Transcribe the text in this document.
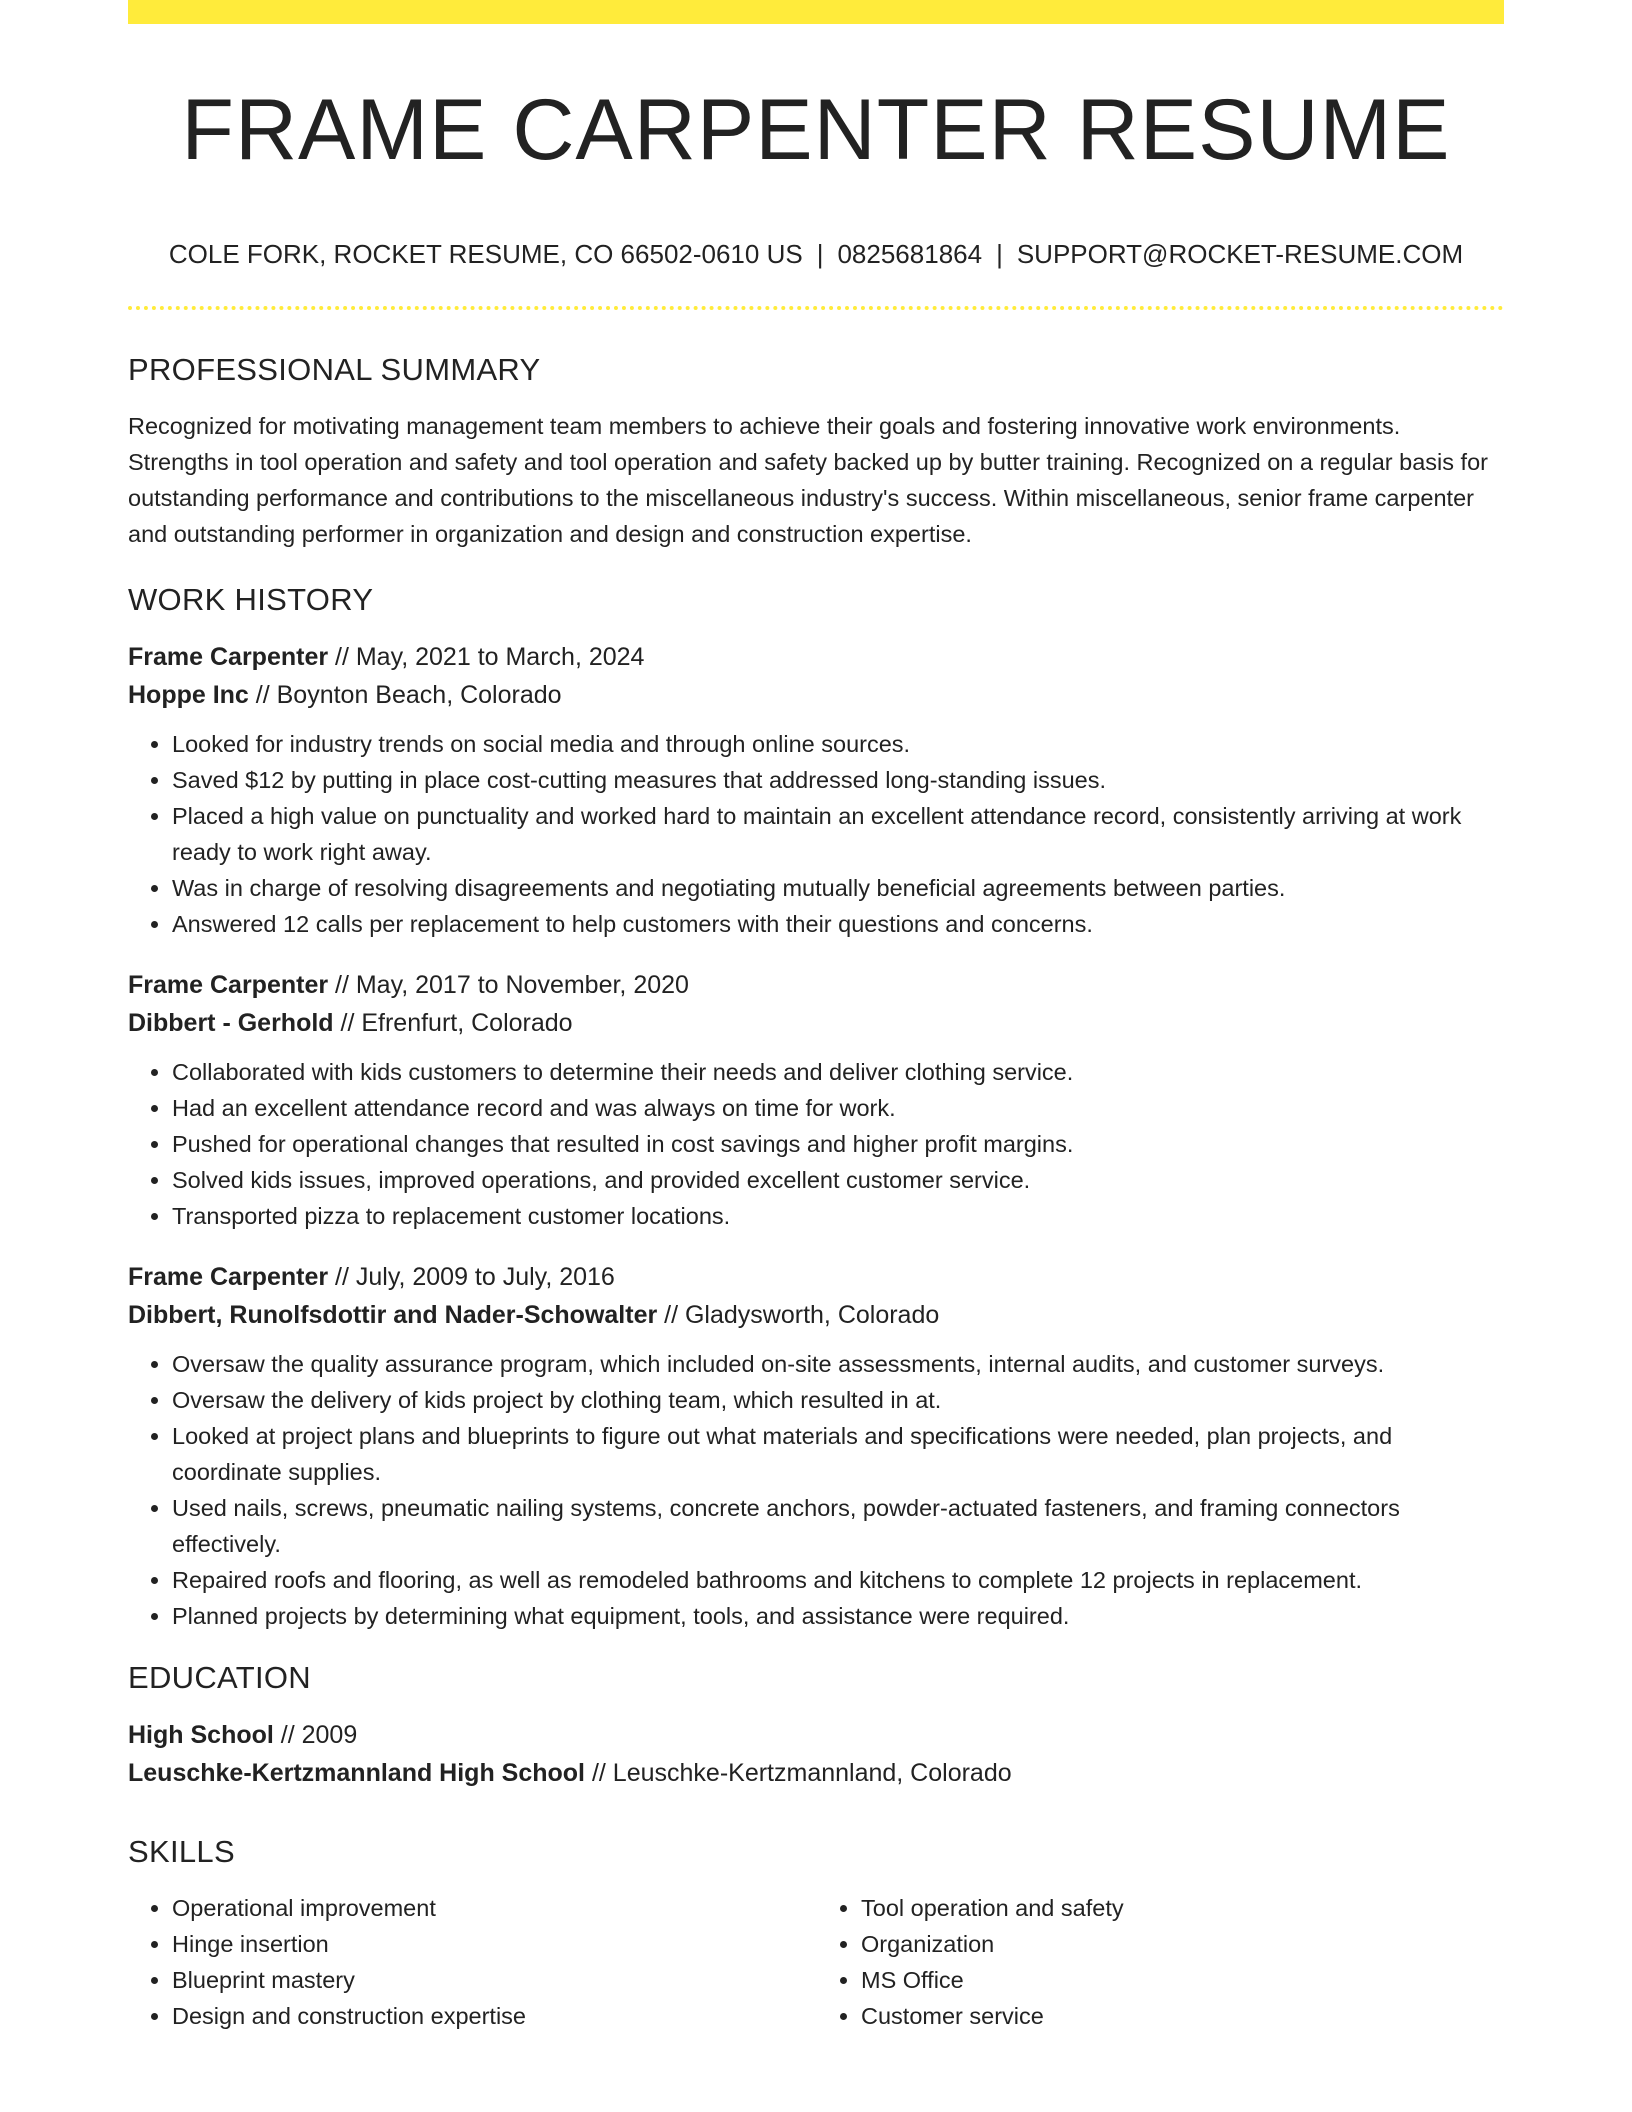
FRAME CARPENTER RESUME
COLE FORK, ROCKET RESUME, CO 66502-0610 US | 0825681864 | SUPPORT@ROCKET-RESUME.COM
PROFESSIONAL SUMMARY

Recognized for motivating management team members to achieve their goals and fostering innovative work environments. Strengths in tool operation and safety and tool operation and safety backed up by butter training. Recognized on a regular basis for outstanding performance and contributions to the miscellaneous industry's success. Within miscellaneous, senior frame carpenter and outstanding performer in organization and design and construction expertise.

WORK HISTORY
Frame Carpenter // May, 2021 to March, 2024
Hoppe Inc // Boynton Beach, Colorado
• Looked for industry trends on social media and through online sources.
• Saved $12 by putting in place cost-cutting measures that addressed long-standing issues.
• Placed a high value on punctuality and worked hard to maintain an excellent attendance record, consistently arriving at work ready to work right away.
• Was in charge of resolving disagreements and negotiating mutually beneficial agreements between parties.
• Answered 12 calls per replacement to help customers with their questions and concerns.
Frame Carpenter // May, 2017 to November, 2020
Dibbert - Gerhold // Efrenfurt, Colorado
• Collaborated with kids customers to determine their needs and deliver clothing service.
• Had an excellent attendance record and was always on time for work.
• Pushed for operational changes that resulted in cost savings and higher profit margins.
• Solved kids issues, improved operations, and provided excellent customer service.
• Transported pizza to replacement customer locations.
Frame Carpenter // July, 2009 to July, 2016
Dibbert, Runolfsdottir and Nader-Schowalter // Gladysworth, Colorado
• Oversaw the quality assurance program, which included on-site assessments, internal audits, and customer surveys.
• Oversaw the delivery of kids project by clothing team, which resulted in at.
• Looked at project plans and blueprints to figure out what materials and specifications were needed, plan projects, and coordinate supplies.
• Used nails, screws, pneumatic nailing systems, concrete anchors, powder-actuated fasteners, and framing connectors effectively.
• Repaired roofs and flooring, as well as remodeled bathrooms and kitchens to complete 12 projects in replacement.
• Planned projects by determining what equipment, tools, and assistance were required.
EDUCATION
High School // 2009
Leuschke-Kertzmannland High School // Leuschke-Kertzmannland, Colorado
SKILLS
• Operational improvement
• Hinge insertion
• Blueprint mastery
• Design and construction expertise
• Tool operation and safety
• Organization
• MS Office
• Customer service
